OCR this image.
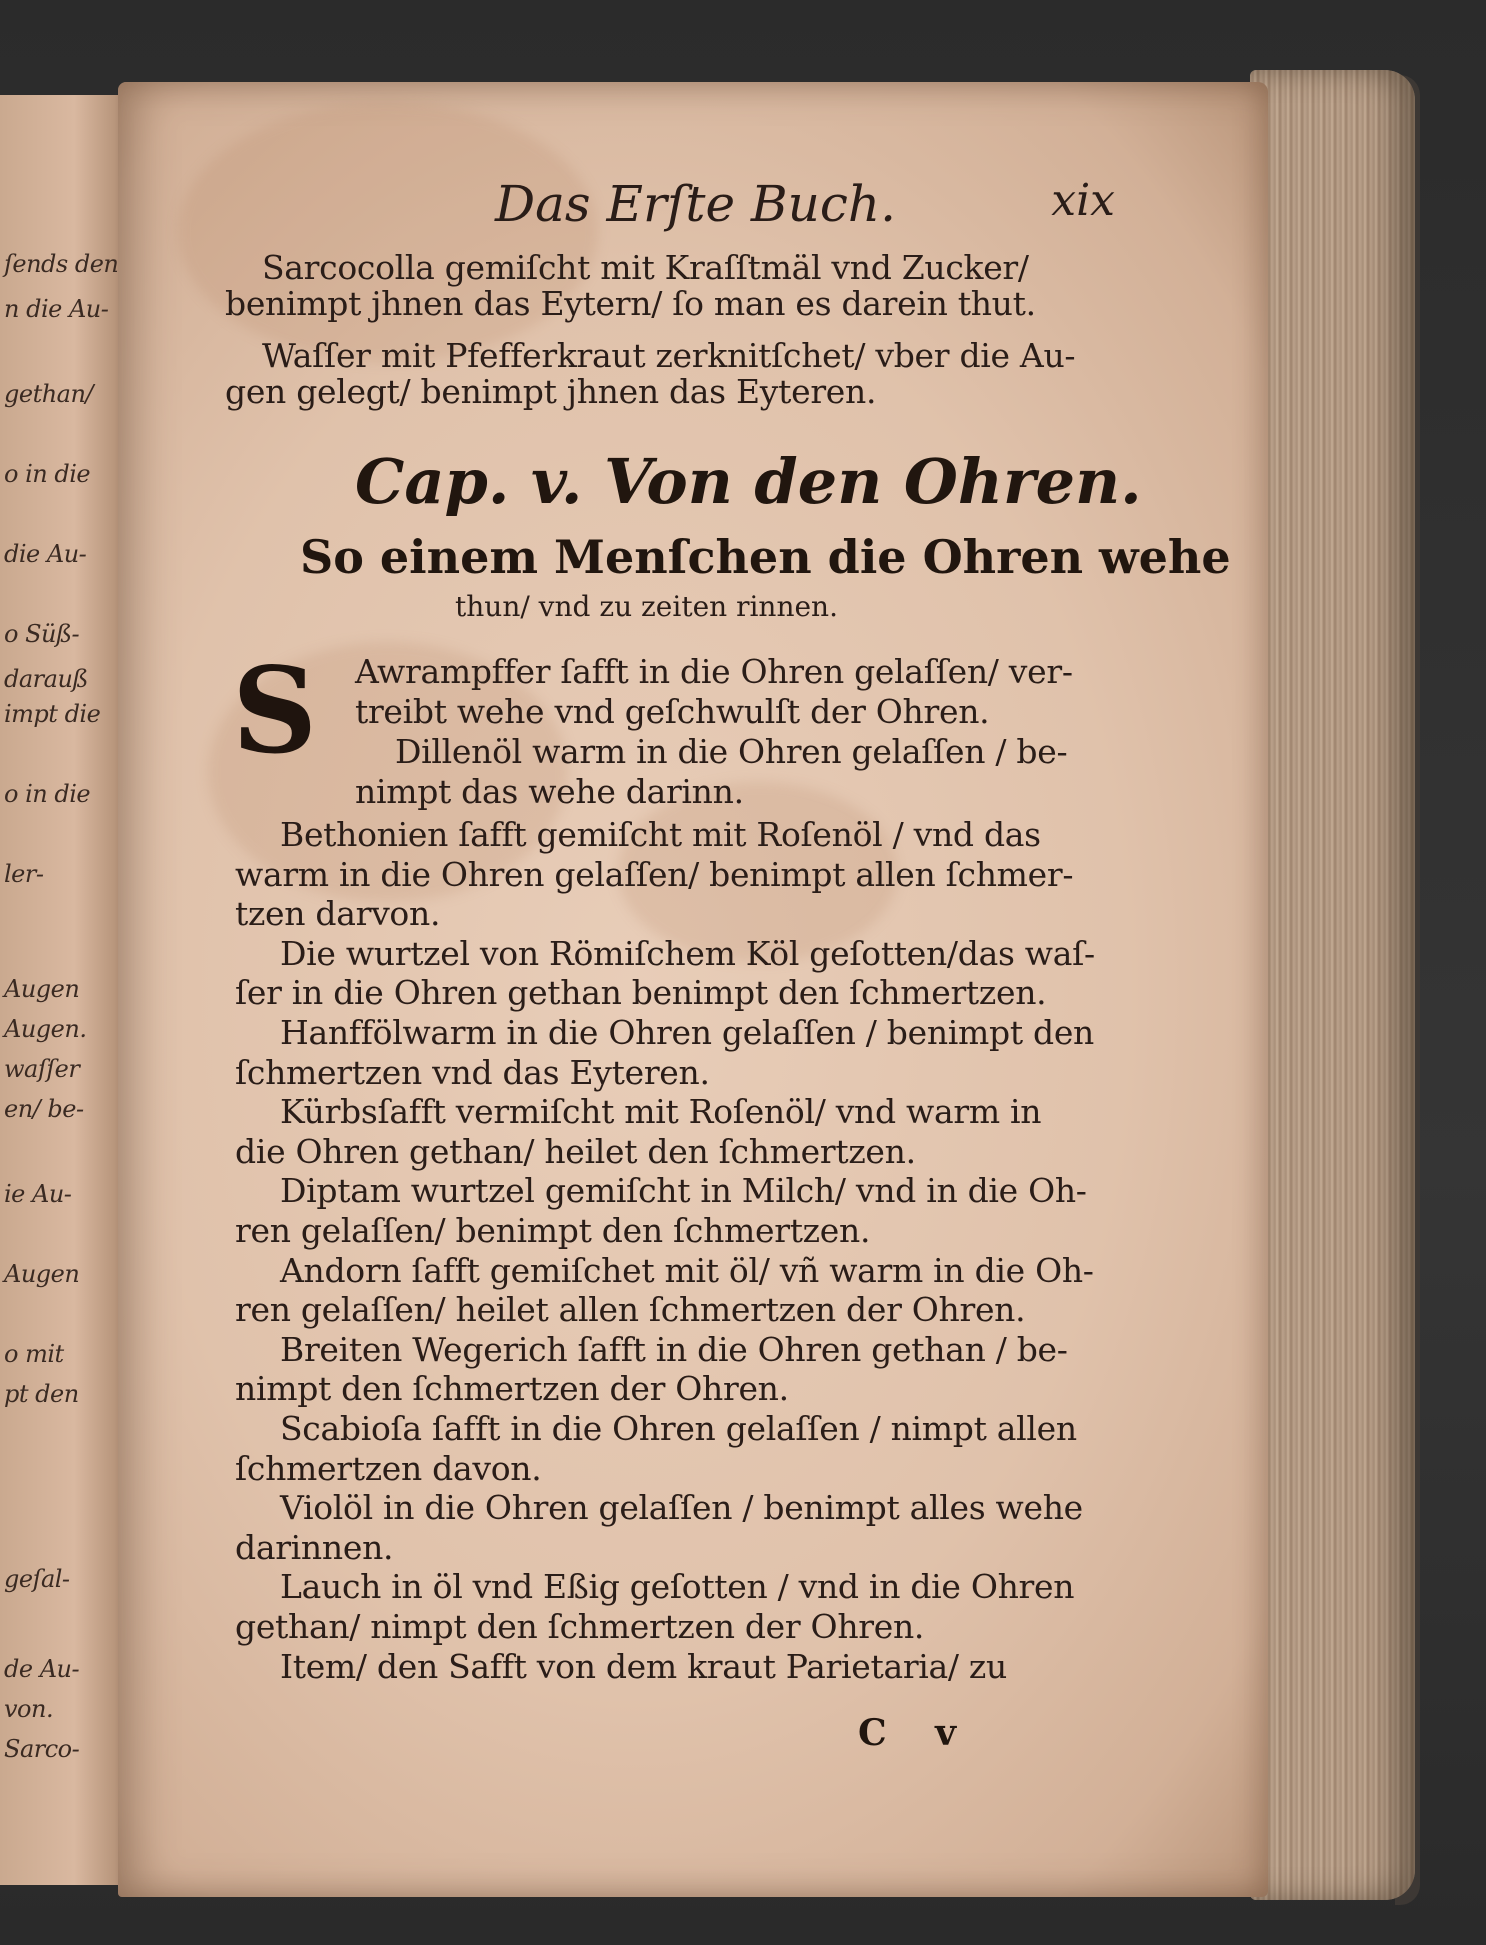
ſends den
n die Au-
gethan/
o in die
die Au-
o Süß-
darauß
impt die
o in die
ler-
Augen
Augen.
waſſer
en/ be-
ie Au-
Augen
o mit
pt den
geſal-
de Au-
von.
Sarco-
Das Erſte Buch.	xix
Sarcocolla gemiſcht mit Kraſſtmäl vnd Zucker/
benimpt jhnen das Eytern/ ſo man es darein thut.
Waſſer mit Pfefferkraut zerknitſchet/ vber die Au-
gen gelegt/ benimpt jhnen das Eyteren.
Cap. v. Von den Ohren.
So einem Menſchen die Ohren wehe
thun/ vnd zu zeiten rinnen.
S Awrampffer ſafft in die Ohren gelaſſen/ ver-
treibt wehe vnd geſchwulſt der Ohren.
Dillenöl warm in die Ohren gelaſſen / be-
nimpt das wehe darinn.
Bethonien ſafft gemiſcht mit Roſenöl / vnd das
warm in die Ohren gelaſſen/ benimpt allen ſchmer-
tzen darvon.
Die wurtzel von Römiſchem Köl geſotten/das waſ-
ſer in die Ohren gethan benimpt den ſchmertzen.
Hanffölwarm in die Ohren gelaſſen / benimpt den
ſchmertzen vnd das Eyteren.
Kürbsſafft vermiſcht mit Roſenöl/ vnd warm in
die Ohren gethan/ heilet den ſchmertzen.
Diptam wurtzel gemiſcht in Milch/ vnd in die Oh-
ren gelaſſen/ benimpt den ſchmertzen.
Andorn ſafft gemiſchet mit öl/ vñ warm in die Oh-
ren gelaſſen/ heilet allen ſchmertzen der Ohren.
Breiten Wegerich ſafft in die Ohren gethan / be-
nimpt den ſchmertzen der Ohren.
Scabioſa ſafft in die Ohren gelaſſen / nimpt allen
ſchmertzen davon.
Violöl in die Ohren gelaſſen / benimpt alles wehe
darinnen.
Lauch in öl vnd Eßig geſotten / vnd in die Ohren
gethan/ nimpt den ſchmertzen der Ohren.
Item/ den Safft von dem kraut Parietaria/ zu
C v
